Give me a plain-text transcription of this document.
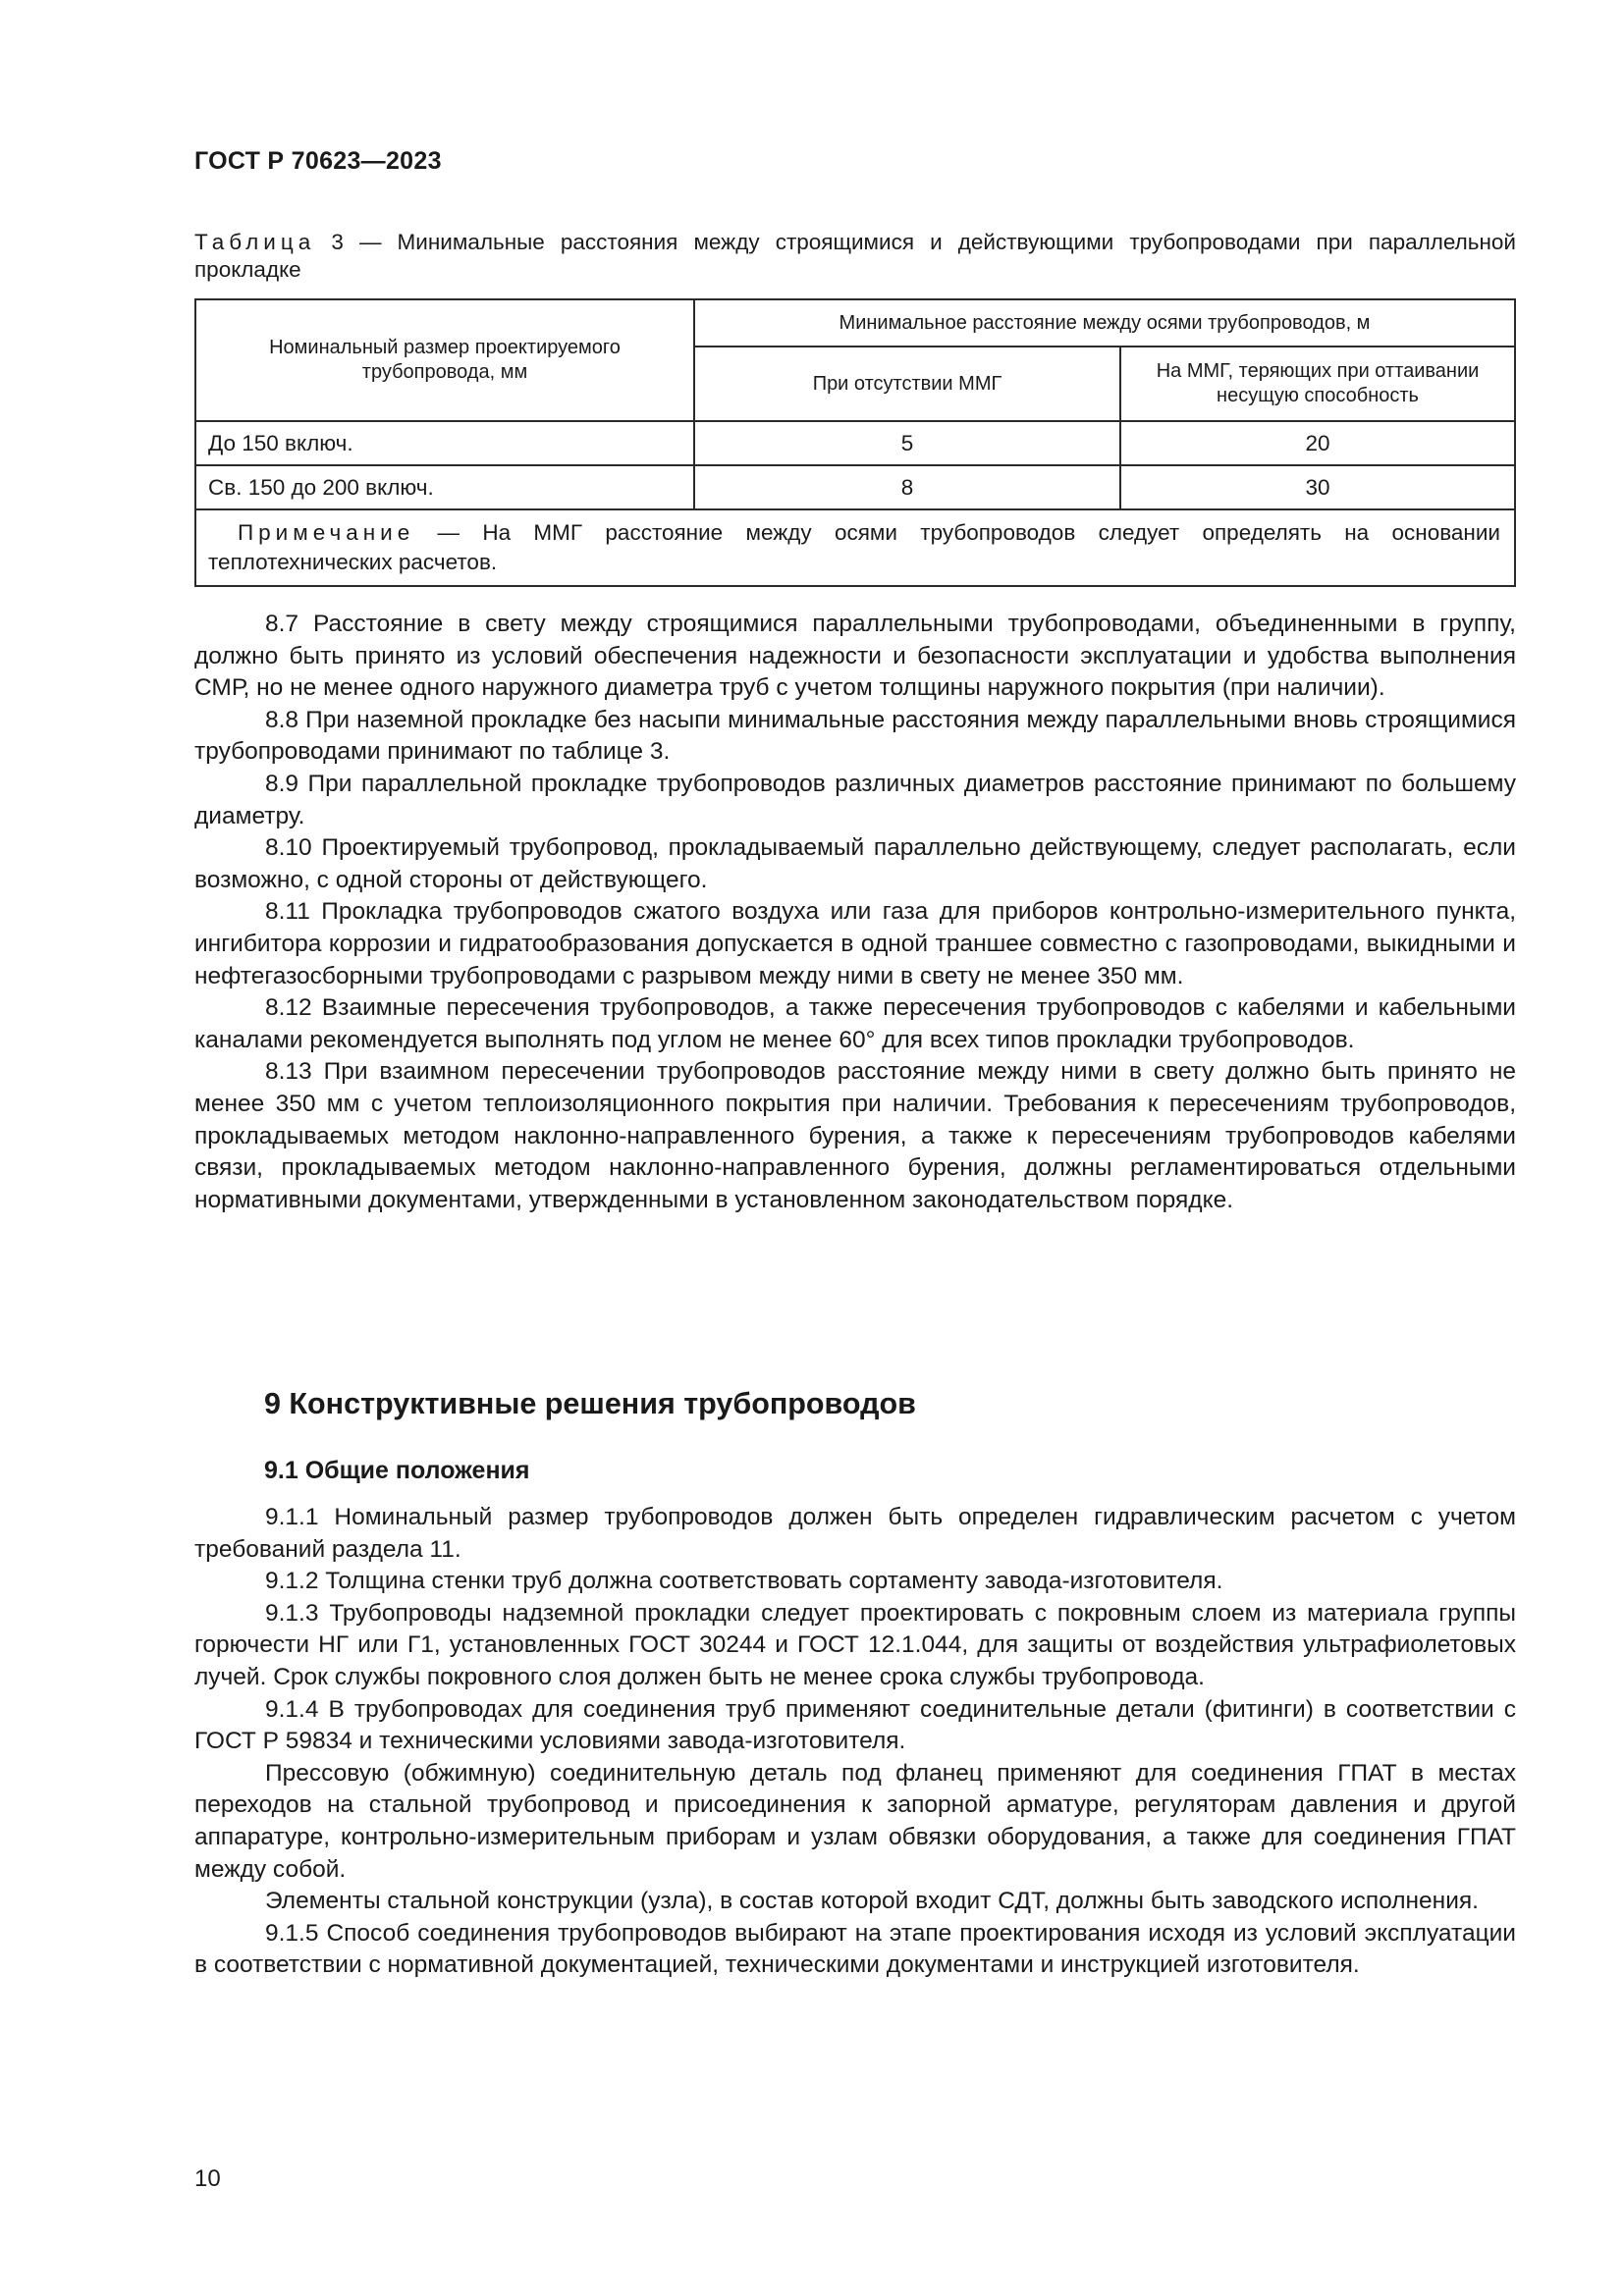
ГОСТ Р 70623—2023
Таблица 3 — Минимальные расстояния между строящимися и действующими трубопроводами при параллельной прокладке
Номинальный размер проектируемого трубопровода, мм	Минимальное расстояние между осями трубопроводов, м	
	При отсутствии ММГ	На ММГ, теряющих при оттаивании несущую способность
До 150 включ.	5	20
Св. 150 до 200 включ.	8	30
Примечание — На ММГ расстояние между осями трубопроводов следует определять на основании теплотехнических расчетов.		

8.7 Расстояние в свету между строящимися параллельными трубопроводами, объединенными в группу, должно быть принято из условий обеспечения надежности и безопасности эксплуатации и удобства выполнения СМР, но не менее одного наружного диаметра труб с учетом толщины наружного покрытия (при наличии).

8.8 При наземной прокладке без насыпи минимальные расстояния между параллельными вновь строящимися трубопроводами принимают по таблице 3.

8.9 При параллельной прокладке трубопроводов различных диаметров расстояние принимают по большему диаметру.

8.10 Проектируемый трубопровод, прокладываемый параллельно действующему, следует располагать, если возможно, с одной стороны от действующего.

8.11 Прокладка трубопроводов сжатого воздуха или газа для приборов контрольно-измерительного пункта, ингибитора коррозии и гидратообразования допускается в одной траншее совместно с газопроводами, выкидными и нефтегазосборными трубопроводами с разрывом между ними в свету не менее 350 мм.

8.12 Взаимные пересечения трубопроводов, а также пересечения трубопроводов с кабелями и кабельными каналами рекомендуется выполнять под углом не менее 60° для всех типов прокладки трубопроводов.

8.13 При взаимном пересечении трубопроводов расстояние между ними в свету должно быть принято не менее 350 мм с учетом теплоизоляционного покрытия при наличии. Требования к пересечениям трубопроводов, прокладываемых методом наклонно-направленного бурения, а также к пересечениям трубопроводов кабелями связи, прокладываемых методом наклонно-направленного бурения, должны регламентироваться отдельными нормативными документами, утвержденными в установленном законодательством порядке.

9 Конструктивные решения трубопроводов
9.1 Общие положения

9.1.1 Номинальный размер трубопроводов должен быть определен гидравлическим расчетом с учетом требований раздела 11.

9.1.2 Толщина стенки труб должна соответствовать сортаменту завода-изготовителя.

9.1.3 Трубопроводы надземной прокладки следует проектировать с покровным слоем из материала группы горючести НГ или Г1, установленных ГОСТ 30244 и ГОСТ 12.1.044, для защиты от воздействия ультрафиолетовых лучей. Срок службы покровного слоя должен быть не менее срока службы трубопровода.

9.1.4 В трубопроводах для соединения труб применяют соединительные детали (фитинги) в соответствии с ГОСТ Р 59834 и техническими условиями завода-изготовителя.

Прессовую (обжимную) соединительную деталь под фланец применяют для соединения ГПАТ в местах переходов на стальной трубопровод и присоединения к запорной арматуре, регуляторам давления и другой аппаратуре, контрольно-измерительным приборам и узлам обвязки оборудования, а также для соединения ГПАТ между собой.

Элементы стальной конструкции (узла), в состав которой входит СДТ, должны быть заводского исполнения.

9.1.5 Способ соединения трубопроводов выбирают на этапе проектирования исходя из условий эксплуатации в соответствии с нормативной документацией, техническими документами и инструкцией изготовителя.

10
